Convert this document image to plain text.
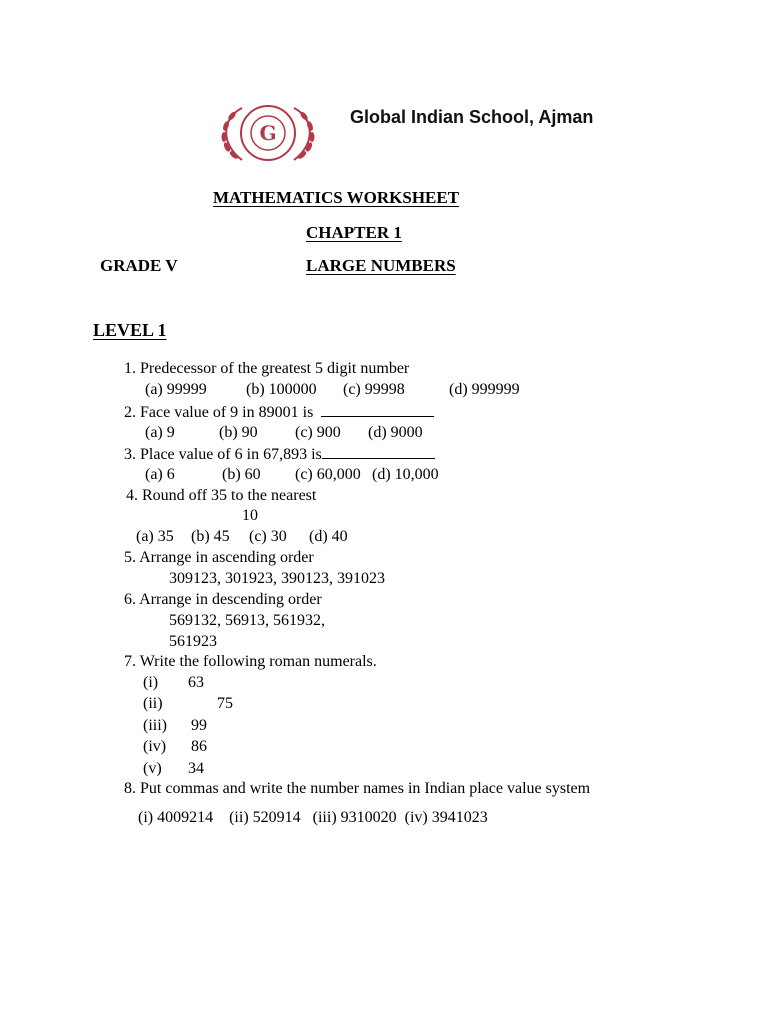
G
Global Indian School, Ajman
MATHEMATICS WORKSHEET
CHAPTER 1
GRADE V	LARGE NUMBERS
LEVEL 1
1. Predecessor of the greatest 5 digit number
(a) 99999 (b) 100000 (c) 99998	(d) 999999
2. Face value of 9 in 89001 is
(a) 9	(b) 90 (c) 900 (d) 9000
3. Place value of 6 in 67,893 is
(a) 6	(b) 60 (c) 60,000 (d) 10,000
4. Round off 35 to the nearest
10
(a) 35 (b) 45 (c) 30 (d) 40
5. Arrange in ascending order
309123, 301923, 390123, 391023
6. Arrange in descending order
569132, 56913, 561932,
561923
7. Write the following roman numerals.
(i) 63
(ii)	75
(iii) 99
(iv) 86
(v) 34
8. Put commas and write the number names in Indian place value system
(i) 4009214    (ii) 520914   (iii) 9310020  (iv) 3941023
